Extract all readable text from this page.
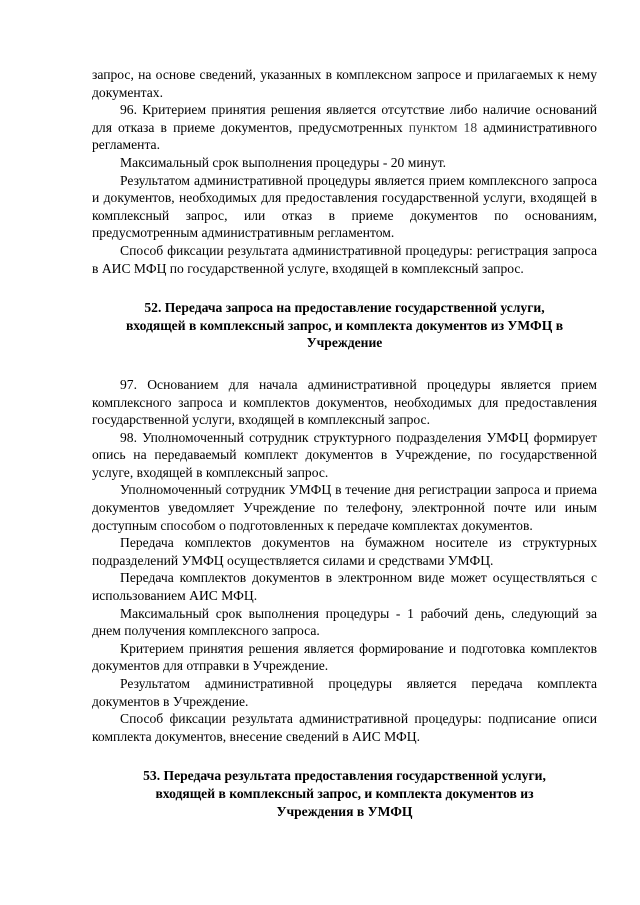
запрос, на основе сведений, указанных в комплексном запросе и прилагаемых к нему документах.

96. Критерием принятия решения является отсутствие либо наличие оснований для отказа в приеме документов, предусмотренных пунктом 18 административного регламента.

Максимальный срок выполнения процедуры - 20 минут.

Результатом административной процедуры является прием комплексного запроса и документов, необходимых для предоставления государственной услуги, входящей в комплексный запрос, или отказ в приеме документов по основаниям, предусмотренным административным регламентом.

Способ фиксации результата административной процедуры: регистрация запроса в АИС МФЦ по государственной услуге, входящей в комплексный запрос.

52. Передача запроса на предоставление государственной услуги, входящей в комплексный запрос, и комплекта документов из УМФЦ в Учреждение

97. Основанием для начала административной процедуры является прием комплексного запроса и комплектов документов, необходимых для предоставления государственной услуги, входящей в комплексный запрос.

98. Уполномоченный сотрудник структурного подразделения УМФЦ формирует опись на передаваемый комплект документов в Учреждение, по государственной услуге, входящей в комплексный запрос.

Уполномоченный сотрудник УМФЦ в течение дня регистрации запроса и приема документов уведомляет Учреждение по телефону, электронной почте или иным доступным способом о подготовленных к передаче комплектах документов.

Передача комплектов документов на бумажном носителе из структурных подразделений УМФЦ осуществляется силами и средствами УМФЦ.

Передача комплектов документов в электронном виде может осуществляться с использованием АИС МФЦ.

Максимальный срок выполнения процедуры - 1 рабочий день, следующий за днем получения комплексного запроса.

Критерием принятия решения является формирование и подготовка комплектов документов для отправки в Учреждение.

Результатом административной процедуры является передача комплекта документов в Учреждение.

Способ фиксации результата административной процедуры: подписание описи комплекта документов, внесение сведений в АИС МФЦ.

53. Передача результата предоставления государственной услуги, входящей в комплексный запрос, и комплекта документов из Учреждения в УМФЦ
